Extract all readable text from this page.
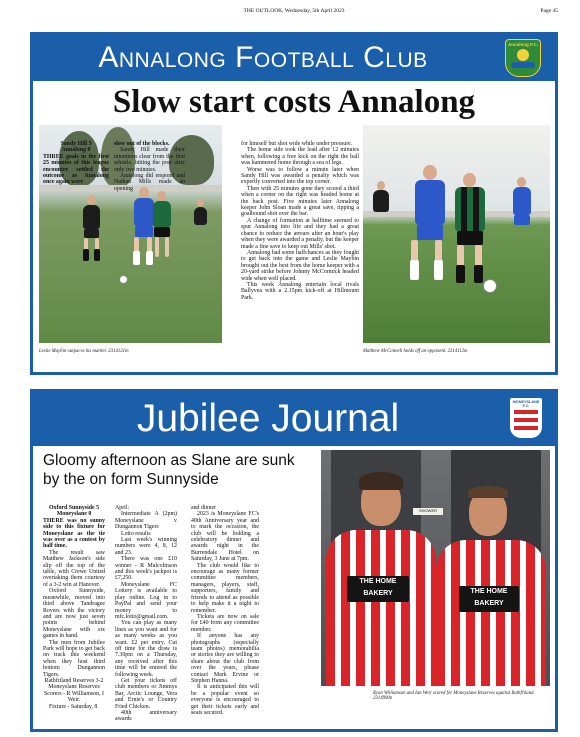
THE OUTLOOK, Wednesday, 5th April 2023	Page 45
Annalong Football Club	Annalong F.C.
Slow start costs Annalong
Leslie Maybin outpaces his marker. 2314131m	Matthew McConnell holds off an opponent. 2314112m

Sandy Hill 3

Annalong 0

THREE goals in the first 25 minutes of this league encounter settled the outcome as Annalong once again were

slow out of the blocks.

Sandy Hill made their intentions clear from the first whistle, hitting the post after only two minutes.

Annalong did respond and Nathan Mills made an opening

for himself but shot wide while under pressure.

The home side took the lead after 12 minutes when, following a free kick on the right the ball was hammered home through a sea of legs.

Worse was to follow a minute later when Sandy Hill was awarded a penalty which was expertly converted into the top corner.

Then with 25 minutes gone they scored a third when a corner on the right was headed home at the back post. Five minutes later Annalong keeper John Sloan made a great save, tipping a goalbound shot over the bar.

A change of formation at halftime seemed to spur Annalong into life and they had a great chance to reduce the arrears after an hour's play when they were awarded a penalty, but the keeper made a fine save to keep out Mills' shot.

Annalong had some halfchances as they fought to get back into the game and Leslie Maybin brought out the best from the home keeper with a 20-yard strike before Johnny McCormick headed wide when well placed.

This week Annalong entertain local rivals Ballyvea with a 2.15pm kick-off at Hillmount Park.

Jubilee Journal	MONEYSLANE F.C.
Gloomy afternoon as Slane are sunk by the on form Sunnyside

Oxford Sunnyside 5

Moneyslane 0

THERE was no sunny side to this fixture for Moneyslane as the tie was over as a contest by half time.

The result saw Matthew Jackson's side slip off the top of the table, with Crewe United overtaking them courtesy of a 3-2 win at Hanover.

Oxford Sunnyside, meanwhile, moved into third above Tandragee Rovers with the victory and are now just seven points behind Moneyslane with six games in hand.

The men from Jubilee Park will hope to get back on track this weekend when they host third bottom Dungannon Tigers.

Rathfriland Reserves 3-2 Moneyslane Reserves

Scorers - R Williamson, I Weir.

Fixture - Saturday, 8

April:

Intermediate A (2pm) Moneyslane v Dungannon Tigers

Lotto results

Last week's winning numbers were 4, 8, 12 and 23.

There was one £10 winner - R Malcolmson and this week's jackpot is £7,250.

Moneyslane FC Lottery is available to play online. Log in to PayPal and send your money to mfc.lotto@gmail.com.

You can play as many lines as you want and for as many weeks as you want. £2 per entry. Cut off time for the draw is 7.30pm on a Thursday, any received after this time will be entered the following week.

Get your tickets off club members or Jimmys Bar, Arctic Lounge, Vera and Ernie's or Country Fried Chicken.

40th anniversary awards

and dinner

2023 is Moneyslane FC's 40th Anniversary year and to mark the occasion, the club will be holding a celebratory dinner and awards night in the Burrendale Hotel on Saturday, 3 June at 7pm.

The club would like to encourage as many former committee members, managers, players, staff, supporters, family and friends to attend as possible to help make it a night to remember.

Tickets are now on sale for £40 from any committee member.

If anyone has any photographs (especially team photos) memorabilia or stories they are willing to share about the club from over the years, please contact Mark Ervine or Stephen Hanna.

It is anticipated this will be a popular event so everyone is encouraged to get their tickets early and seats secured.

SHOWER
THE HOME
BAKERY	THE HOME
BAKERY
Ryan Williamson and Ian Weir scored for Moneyslane Reserves against Rathfriland. 2314990n
